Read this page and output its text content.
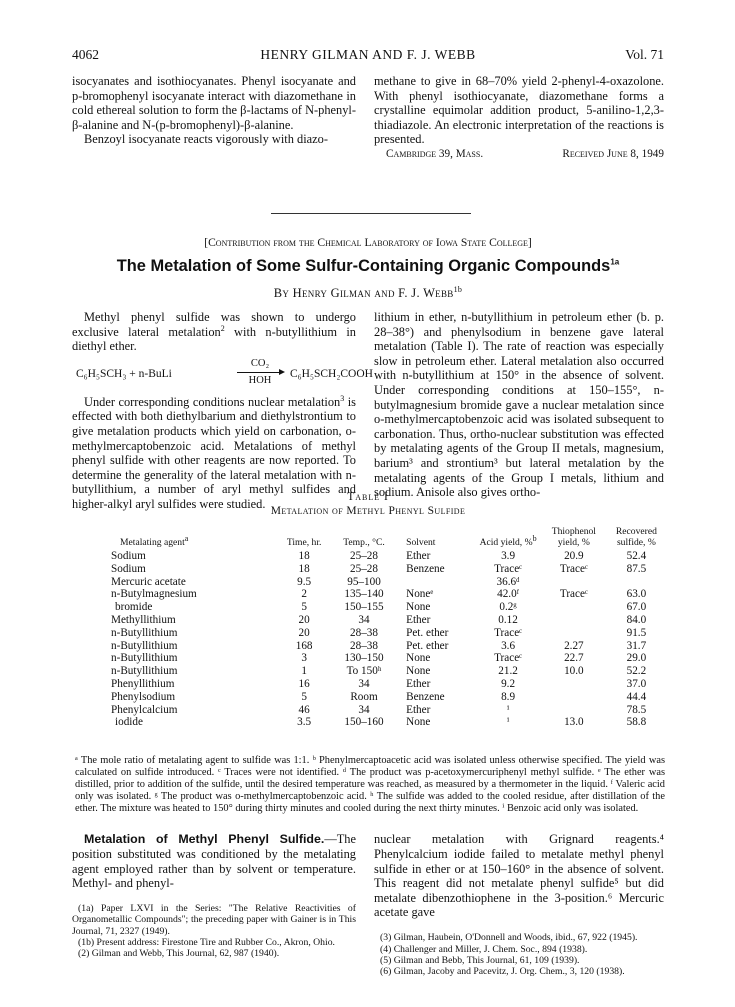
4062	HENRY GILMAN AND F. J. WEBB	Vol. 71

isocyanates and isothiocyanates. Phenyl isocyanate and p-bromophenyl isocyanate interact with diazomethane in cold ethereal solution to form the β-lactams of N-phenyl-β-alanine and N-(p-bromophenyl)-β-alanine.

Benzoyl isocyanate reacts vigorously with diazo-

methane to give in 68–70% yield 2-phenyl-4-oxazolone. With phenyl isothiocyanate, diazomethane forms a crystalline equimolar addition product, 5-anilino-1,2,3-thiadiazole. An electronic interpretation of the reactions is presented.

Cambridge 39, Mass.	Received June 8, 1949
[Contribution from the Chemical Laboratory of Iowa State College]
The Metalation of Some Sulfur-Containing Organic Compounds$^{1a}$
By Henry Gilman and F. J. Webb$^{1b}$

Methyl phenyl sulfide was shown to undergo exclusive lateral metalation$^2$ with n-butyllithium in diethyl ether.

C₆H₅SCH₃ + n-BuLi
CO₂
HOH
C₆H₅SCH₂COOH

Under corresponding conditions nuclear metalation$^3$ is effected with both diethylbarium and diethylstrontium to give metalation products which yield on carbonation, o-methylmercaptobenzoic acid. Metalations of methyl phenyl sulfide with other reagents are now reported. To determine the generality of the lateral metalation with n-butyllithium, a number of aryl methyl sulfides and higher-alkyl aryl sulfides were studied.

lithium in ether, n-butyllithium in petroleum ether (b. p. 28–38°) and phenylsodium in benzene gave lateral metalation (Table I). The rate of reaction was especially slow in petroleum ether. Lateral metalation also occurred with n-butyllithium at 150° in the absence of solvent. Under corresponding conditions at 150–155°, n-butylmagnesium bromide gave a nuclear metalation since o-methylmercaptobenzoic acid was isolated subsequent to carbonation. Thus, ortho-nuclear substitution was effected by metalating agents of the Group II metals, magnesium, barium³ and strontium³ but lateral metalation by the metalating agents of the Group I metals, lithium and sodium. Anisole also gives ortho-

Table I
Metalation of Methyl Phenyl Sulfide
Metalating agent$^a$	Time, hr.	Temp., °C.	Solvent	Acid yield, %$^b$	Thiophenol yield, %	Recovered sulfide, %
Sodium	18	25–28	Ether	3.9	20.9	52.4
Sodium	18	25–28	Benzene	Traceᶜ	Traceᶜ	87.5
Mercuric acetate	9.5	95–100		36.6ᵈ		
n-Butylmagnesium	2	135–140	Noneᵉ	42.0ᶠ	Traceᶜ	63.0
bromide	5	150–155	None	0.2ᵍ		67.0
Methyllithium	20	34	Ether	0.12		84.0
n-Butyllithium	20	28–38	Pet. ether	Traceᶜ		91.5
n-Butyllithium	168	28–38	Pet. ether	3.6	2.27	31.7
n-Butyllithium	3	130–150	None	Traceᶜ	22.7	29.0
n-Butyllithium	1	To 150ʰ	None	21.2	10.0	52.2
Phenyllithium	16	34	Ether	9.2		37.0
Phenylsodium	5	Room	Benzene	8.9		44.4
Phenylcalcium	46	34	Ether	ⁱ		78.5
iodide	3.5	150–160	None	ⁱ	13.0	58.8
ᵃ The mole ratio of metalating agent to sulfide was 1:1. ᵇ Phenylmercaptoacetic acid was isolated unless otherwise specified. The yield was calculated on sulfide introduced. ᶜ Traces were not identified. ᵈ The product was p-acetoxymercuriphenyl methyl sulfide. ᵉ The ether was distilled, prior to addition of the sulfide, until the desired temperature was reached, as measured by a thermometer in the liquid. ᶠ Valeric acid only was isolated. ᵍ The product was o-methylmercaptobenzoic acid. ʰ The sulfide was added to the cooled residue, after distillation of the ether. The mixture was heated to 150° during thirty minutes and cooled during the next thirty minutes. ⁱ Benzoic acid only was isolated.

Metalation of Methyl Phenyl Sulfide.—The position substituted was conditioned by the metalating agent employed rather than by solvent or temperature. Methyl- and phenyl-

(1a) Paper LXVI in the Series: "The Relative Reactivities of Organometallic Compounds"; the preceding paper with Gainer is in This Journal, 71, 2327 (1949).
(1b) Present address: Firestone Tire and Rubber Co., Akron, Ohio.
(2) Gilman and Webb, This Journal, 62, 987 (1940).

nuclear metalation with Grignard reagents.⁴ Phenylcalcium iodide failed to metalate methyl phenyl sulfide in ether or at 150–160° in the absence of solvent. This reagent did not metalate phenyl sulfide⁵ but did metalate dibenzothiophene in the 3-position.⁶ Mercuric acetate gave

(3) Gilman, Haubein, O'Donnell and Woods, ibid., 67, 922 (1945).
(4) Challenger and Miller, J. Chem. Soc., 894 (1938).
(5) Gilman and Bebb, This Journal, 61, 109 (1939).
(6) Gilman, Jacoby and Pacevitz, J. Org. Chem., 3, 120 (1938).
